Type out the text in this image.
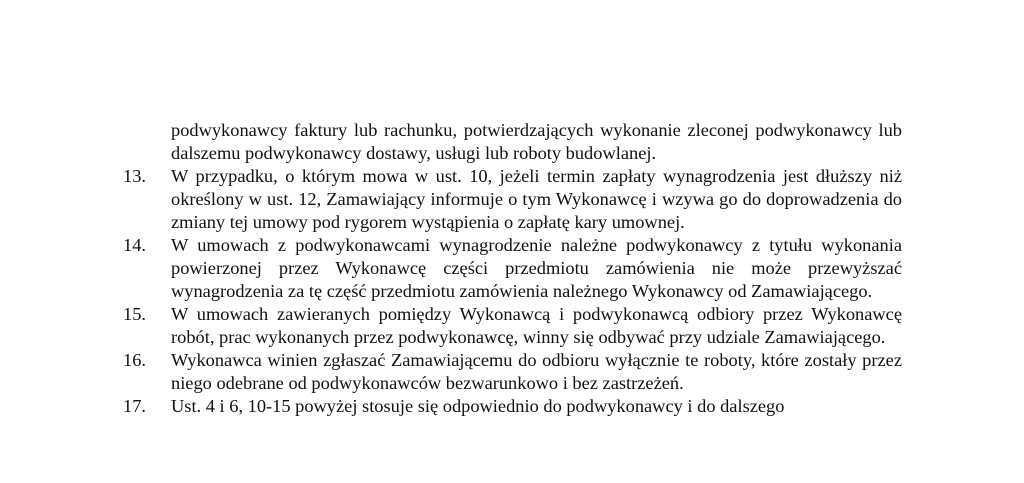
podwykonawcy faktury lub rachunku, potwierdzających wykonanie zleconej podwykonawcy lub dalszemu podwykonawcy dostawy, usługi lub roboty budowlanej.
13.	W przypadku, o którym mowa w ust. 10, jeżeli termin zapłaty wynagrodzenia jest dłuższy niż określony w ust. 12, Zamawiający informuje o tym Wykonawcę i wzywa go do doprowadzenia do zmiany tej umowy pod rygorem wystąpienia o zapłatę kary umownej.
14.	W umowach z podwykonawcami wynagrodzenie należne podwykonawcy z tytułu wykonania powierzonej przez Wykonawcę części przedmiotu zamówienia nie może przewyższać wynagrodzenia za tę część przedmiotu zamówienia należnego Wykonawcy od Zamawiającego.
15.	W umowach zawieranych pomiędzy Wykonawcą i podwykonawcą odbiory przez Wykonawcę robót, prac wykonanych przez podwykonawcę, winny się odbywać przy udziale Zamawiającego.
16.	Wykonawca winien zgłaszać Zamawiającemu do odbioru wyłącznie te roboty, które zostały przez niego odebrane od podwykonawców bezwarunkowo i bez zastrzeżeń.
17.	Ust. 4 i 6, 10-15 powyżej stosuje się odpowiednio do podwykonawcy i do dalszego
